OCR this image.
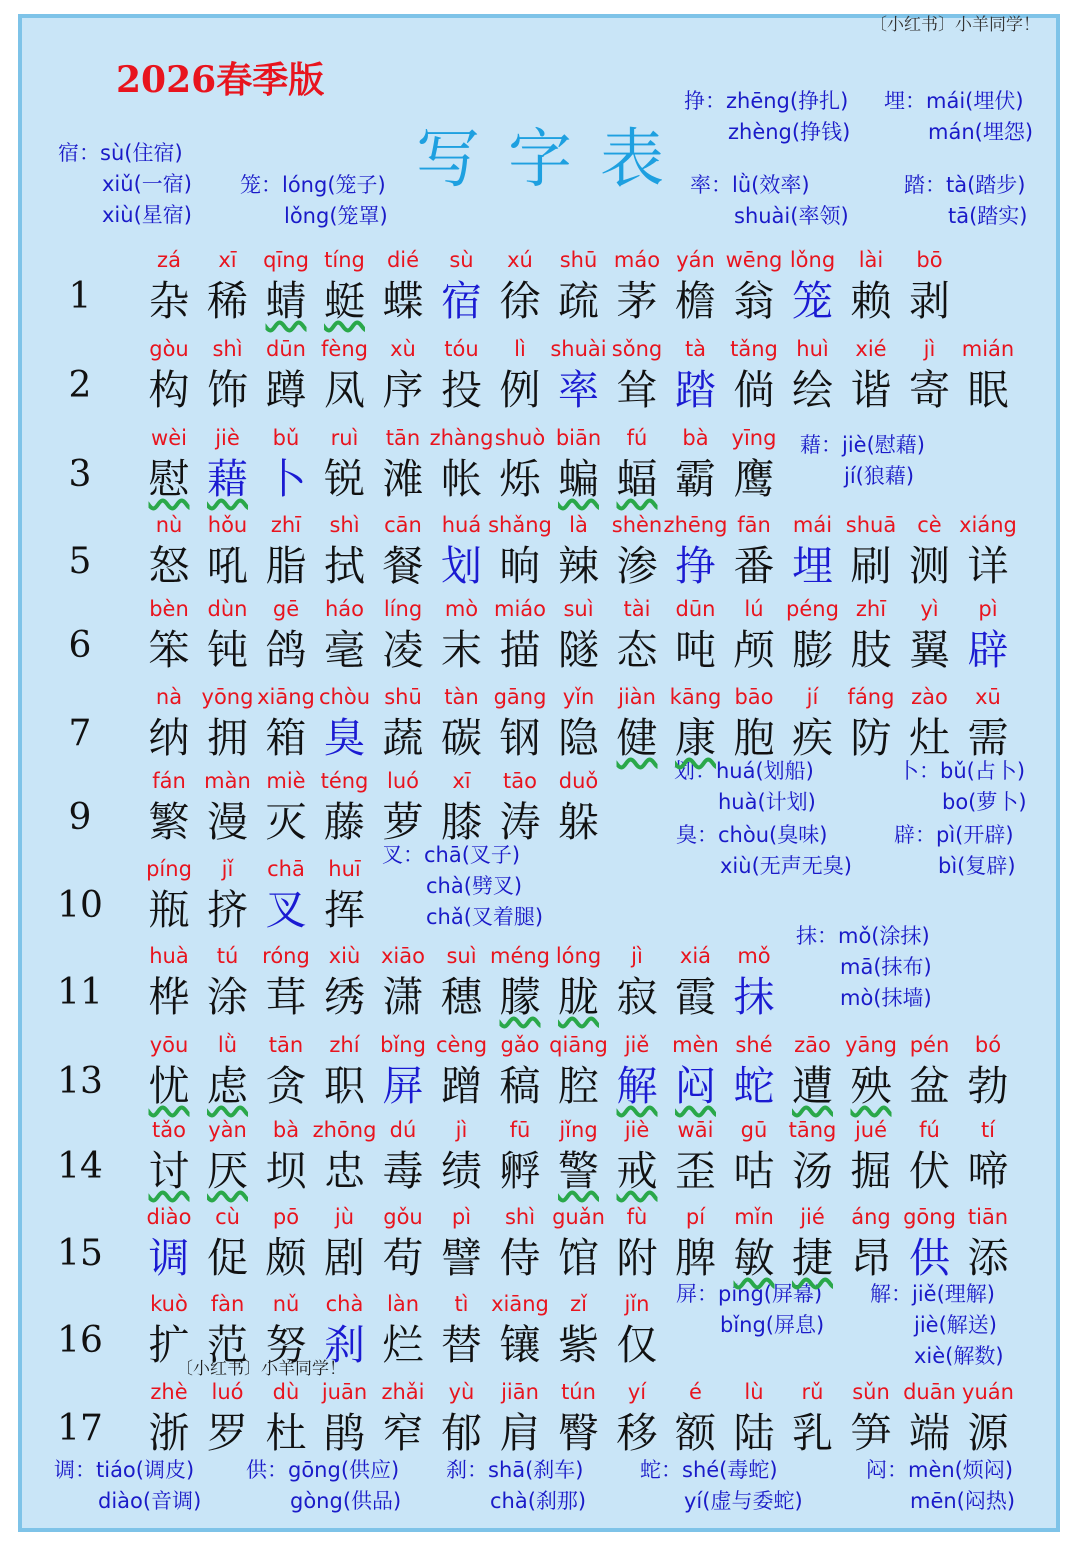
〔小红书〕小羊同学！
2026春季版
写字表
〔小红书〕小羊同学！
宿：sù(住宿)
xiǔ(一宿)
xiù(星宿)
笼：lóng(笼子)
lǒng(笼罩)
挣：zhēng(挣扎)
zhèng(挣钱)
埋：mái(埋伏)
mán(埋怨)
率：lǜ(效率)
shuài(率领)
踏：tà(踏步)
tā(踏实)
藉：jiè(慰藉)
jí(狼藉)
划：huá(划船)
huà(计划)
卜：bǔ(占卜)
bo(萝卜)
臭：chòu(臭味)
xiù(无声无臭)
辟：pì(开辟)
bì(复辟)
叉：chā(叉子)
chà(劈叉)
chǎ(叉着腿)
抹：mǒ(涂抹)
mā(抹布)
mò(抹墙)
屏：píng(屏幕)
bǐng(屏息)
解：jiě(理解)
jiè(解送)
xiè(解数)
调：tiáo(调皮)
diào(音调)
供：gōng(供应)
gòng(供品)
刹：shā(刹车)
chà(刹那)
蛇：shé(毒蛇)
yí(虚与委蛇)
闷：mèn(烦闷)
mēn(闷热)
1
zá
杂
xī
稀
qīng
蜻
tíng
蜓
dié
蝶
sù
宿
xú
徐
shū
疏
máo
茅
yán
檐
wēng
翁
lǒng
笼
lài
赖
bō
剥
2
gòu
构
shì
饰
dūn
蹲
fèng
凤
xù
序
tóu
投
lì
例
shuài
率
sǒng
耸
tà
踏
tǎng
倘
huì
绘
xié
谐
jì
寄
mián
眠
3
wèi
慰
jiè
藉
bǔ
卜
ruì
锐
tān
滩
zhàng
帐
shuò
烁
biān
蝙
fú
蝠
bà
霸
yīng
鹰
5
nù
怒
hǒu
吼
zhī
脂
shì
拭
cān
餐
huá
划
shǎng
晌
là
辣
shèn
渗
zhēng
挣
fān
番
mái
埋
shuā
刷
cè
测
xiáng
详
6
bèn
笨
dùn
钝
gē
鸽
háo
毫
líng
凌
mò
末
miáo
描
suì
隧
tài
态
dūn
吨
lú
颅
péng
膨
zhī
肢
yì
翼
pì
辟
7
nà
纳
yōng
拥
xiāng
箱
chòu
臭
shū
蔬
tàn
碳
gāng
钢
yǐn
隐
jiàn
健
kāng
康
bāo
胞
jí
疾
fáng
防
zào
灶
xū
需
9
fán
繁
màn
漫
miè
灭
téng
藤
luó
萝
xī
膝
tāo
涛
duǒ
躲
10
píng
瓶
jǐ
挤
chā
叉
huī
挥
11
huà
桦
tú
涂
róng
茸
xiù
绣
xiāo
潇
suì
穗
méng
朦
lóng
胧
jì
寂
xiá
霞
mǒ
抹
13
yōu
忧
lǜ
虑
tān
贪
zhí
职
bǐng
屏
cèng
蹭
gǎo
稿
qiāng
腔
jiě
解
mèn
闷
shé
蛇
zāo
遭
yāng
殃
pén
盆
bó
勃
14
tǎo
讨
yàn
厌
bà
坝
zhōng
忠
dú
毒
jì
绩
fū
孵
jǐng
警
jiè
戒
wāi
歪
gū
咕
tāng
汤
jué
掘
fú
伏
tí
啼
15
diào
调
cù
促
pō
颇
jù
剧
gǒu
苟
pì
譬
shì
侍
guǎn
馆
fù
附
pí
脾
mǐn
敏
jié
捷
áng
昂
gōng
供
tiān
添
16
kuò
扩
fàn
范
nǔ
努
chà
刹
làn
烂
tì
替
xiāng
镶
zǐ
紫
jǐn
仅
17
zhè
浙
luó
罗
dù
杜
juān
鹃
zhǎi
窄
yù
郁
jiān
肩
tún
臀
yí
移
é
额
lù
陆
rǔ
乳
sǔn
笋
duān
端
yuán
源
